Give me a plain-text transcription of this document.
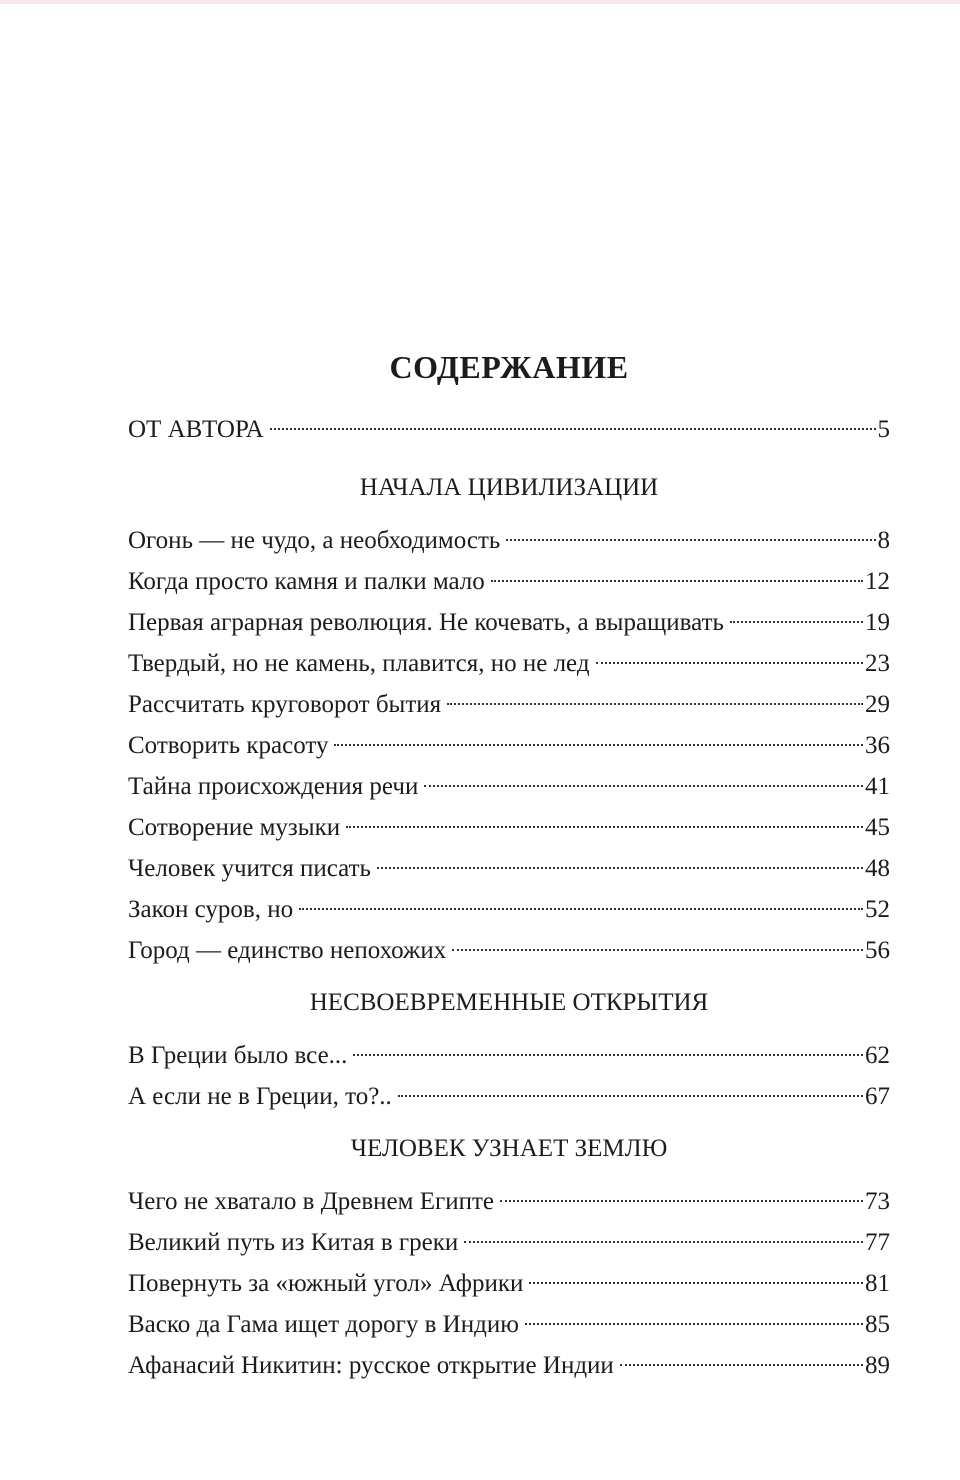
СОДЕРЖАНИЕ
ОТ АВТОРА	5
НАЧАЛА ЦИВИЛИЗАЦИИ
Огонь — не чудо, а необходимость	8
Когда просто камня и палки мало	12
Первая аграрная революция. Не кочевать, а выращивать	19
Твердый, но не камень, плавится, но не лед	23
Рассчитать круговорот бытия	29
Сотворить красоту	36
Тайна происхождения речи	41
Сотворение музыки	45
Человек учится писать	48
Закон суров, но	52
Город — единство непохожих	56
НЕСВОЕВРЕМЕННЫЕ ОТКРЫТИЯ
В Греции было все...	62
А если не в Греции, то?..	67
ЧЕЛОВЕК УЗНАЕТ ЗЕМЛЮ
Чего не хватало в Древнем Египте	73
Великий путь из Китая в греки	77
Повернуть за «южный угол» Африки	81
Васко да Гама ищет дорогу в Индию	85
Афанасий Никитин: русское открытие Индии	89
